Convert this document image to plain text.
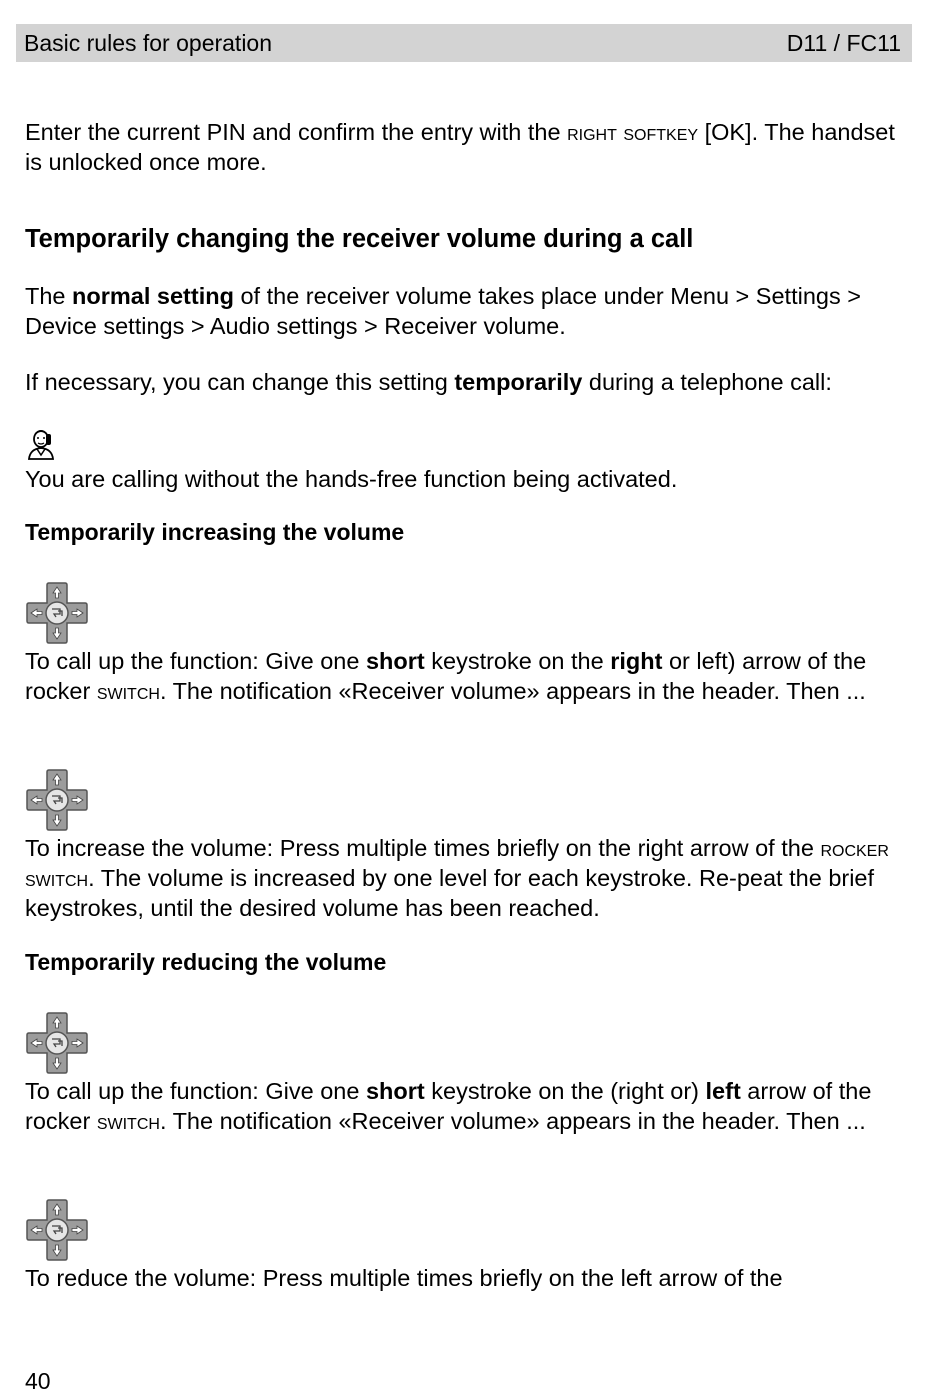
Basic rules for operation	D11 / FC11
Enter the current PIN and confirm the entry with the right softkey [OK]. The handset is unlocked once more.
Temporarily changing the receiver volume during a call
The normal setting of the receiver volume takes place under Menu > Settings > Device settings > Audio settings > Receiver volume.
If necessary, you can change this setting temporarily during a telephone call:
You are calling without the hands-free function being activated.
Temporarily increasing the volume
To call up the function: Give one short keystroke on the right or left) arrow of the rocker switch. The notification «Receiver volume» appears in the header. Then ...
To increase the volume: Press multiple times briefly on the right arrow of the rocker switch. The volume is increased by one level for each keystroke. Re-peat the brief keystrokes, until the desired volume has been reached.
Temporarily reducing the volume
To call up the function: Give one short keystroke on the (right or) left arrow of the rocker switch. The notification «Receiver volume» appears in the header. Then ...
To reduce the volume: Press multiple times briefly on the left arrow of the
40
